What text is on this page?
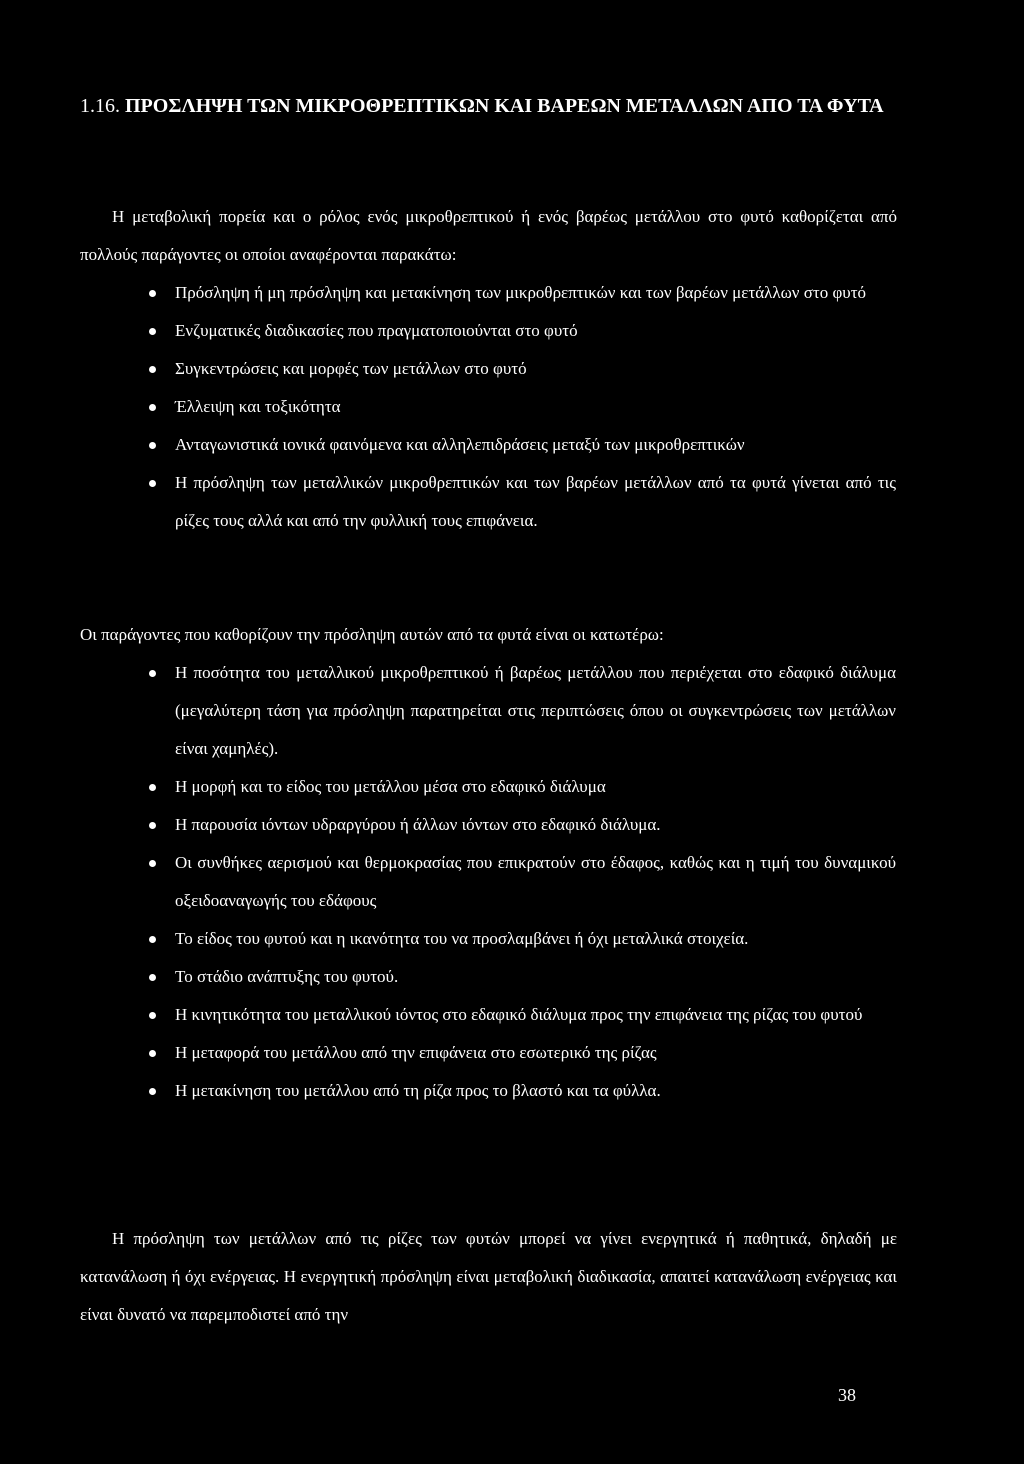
1.16. ΠΡΟΣΛΗΨΗ ΤΩΝ ΜΙΚΡΟΘΡΕΠΤΙΚΩΝ ΚΑΙ ΒΑΡΕΩΝ ΜΕΤΑΛΛΩΝ ΑΠΟ ΤΑ ΦΥΤΑ

Η μεταβολική πορεία και ο ρόλος ενός μικροθρεπτικού ή ενός βαρέως μετάλλου στο φυτό καθορίζεται από πολλούς παράγοντες οι οποίοι αναφέρονται παρακάτω:

Πρόσληψη ή μη πρόσληψη και μετακίνηση των μικροθρεπτικών και των βαρέων μετάλλων στο φυτό
Ενζυματικές διαδικασίες που πραγματοποιούνται στο φυτό
Συγκεντρώσεις και μορφές των μετάλλων στο φυτό
Έλλειψη και τοξικότητα
Ανταγωνιστικά ιονικά φαινόμενα και αλληλεπιδράσεις μεταξύ των μικροθρεπτικών
Η πρόσληψη των μεταλλικών μικροθρεπτικών και των βαρέων μετάλλων από τα φυτά γίνεται από τις ρίζες τους αλλά και από την φυλλική τους επιφάνεια.

Οι παράγοντες που καθορίζουν την πρόσληψη αυτών από τα φυτά είναι οι κατωτέρω:

Η ποσότητα του μεταλλικού μικροθρεπτικού ή βαρέως μετάλλου που περιέχεται στο εδαφικό διάλυμα (μεγαλύτερη τάση για πρόσληψη παρατηρείται στις περιπτώσεις όπου οι συγκεντρώσεις των μετάλλων είναι χαμηλές).
Η μορφή και το είδος του μετάλλου μέσα στο εδαφικό διάλυμα
Η παρουσία ιόντων υδραργύρου ή άλλων ιόντων στο εδαφικό διάλυμα.
Οι συνθήκες αερισμού και θερμοκρασίας που επικρατούν στο έδαφος, καθώς και η τιμή του δυναμικού οξειδοαναγωγής του εδάφους
Το είδος του φυτού και η ικανότητα του να προσλαμβάνει ή όχι μεταλλικά στοιχεία.
Το στάδιο ανάπτυξης του φυτού.
Η κινητικότητα του μεταλλικού ιόντος στο εδαφικό διάλυμα προς την επιφάνεια της ρίζας του φυτού
Η μεταφορά του μετάλλου από την επιφάνεια στο εσωτερικό της ρίζας
Η μετακίνηση του μετάλλου από τη ρίζα προς το βλαστό και τα φύλλα.

Η πρόσληψη των μετάλλων από τις ρίζες των φυτών μπορεί να γίνει ενεργητικά ή παθητικά, δηλαδή με κατανάλωση ή όχι ενέργειας. Η ενεργητική πρόσληψη είναι μεταβολική διαδικασία, απαιτεί κατανάλωση ενέργειας και είναι δυνατό να παρεμποδιστεί από την

38
